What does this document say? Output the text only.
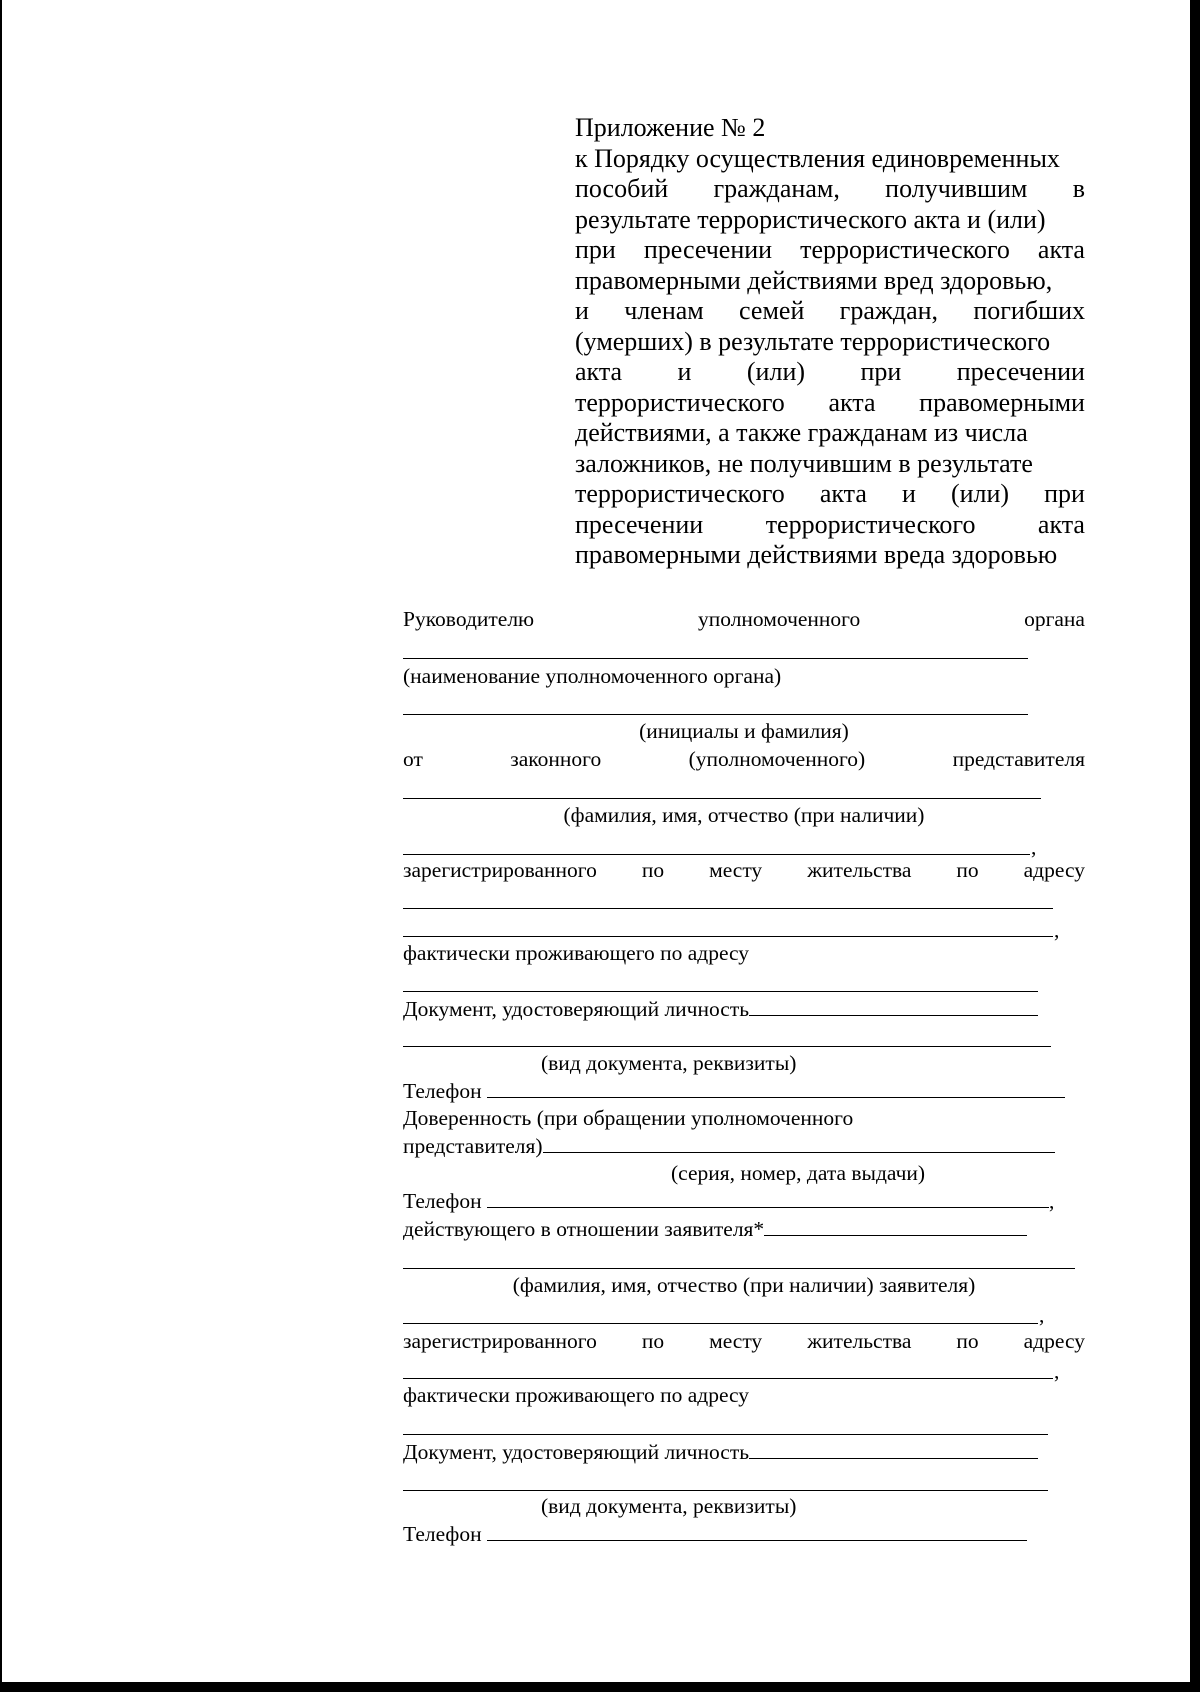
Приложение № 2
к Порядку осуществления единовременных
пособий гражданам, получившим в
результате террористического акта и (или)
при пресечении террористического акта
правомерными действиями вред здоровью,
и членам семей граждан, погибших
(умерших) в результате террористического
акта и (или) при пресечении
террористического акта правомерными
действиями, а также гражданам из числа
заложников, не получившим в результате
террористического акта и (или) при
пресечении террористического акта
правомерными действиями вреда здоровью
Руководителю	уполномоченного	органа
(наименование уполномоченного органа)
(инициалы и фамилия)
от	законного	(уполномоченного)	представителя
(фамилия, имя, отчество (при наличии)
,
зарегистрированного по месту жительства по адресу
,
фактически проживающего по адресу
Документ, удостоверяющий личность
(вид документа, реквизиты)
Телефон
Доверенность (при обращении уполномоченного
представителя)
(серия, номер, дата выдачи)
Телефон	,
действующего в отношении заявителя*
(фамилия, имя, отчество (при наличии) заявителя)
,
зарегистрированного по месту жительства по адресу
,
фактически проживающего по адресу
Документ, удостоверяющий личность
(вид документа, реквизиты)
Телефон
